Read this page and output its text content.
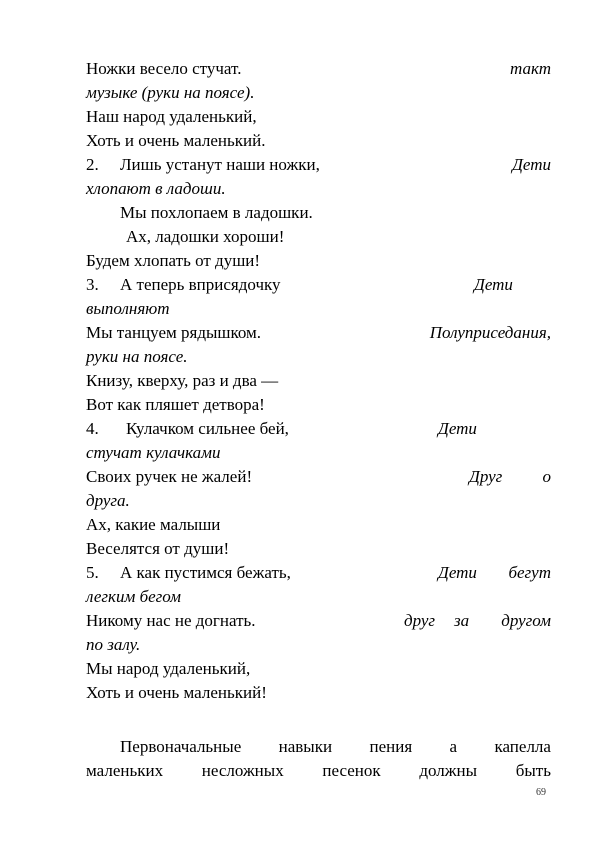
Ножки весело стучат.	такт
музыке (руки на поясе).
Наш народ удаленький,
Хоть и очень маленький.
2. Лишь устанут наши ножки,	Дети
хлопают в ладоши.
Мы похлопаем в ладошки.
Ах, ладошки хороши!
Будем хлопать от души!
3. А теперь вприсядочку	Дети
выполняют
Мы танцуем рядышком.	Полуприседания,
руки на поясе.
Книзу, кверху, раз и два —
Вот как пляшет детвора!
4. Кулачком сильнее бей,	Дети
стучат кулачками
Своих ручек не жалей!	Друг о
друга.
Ах, какие малыши
Веселятся от души!
5. А как пустимся бежать,	Дети бегут
легким бегом
Никому нас не догнать.	друг за другом
по залу.
Мы народ удаленький,
Хоть и очень маленький!
Первоначальные навыки пения а капелла
маленьких несложных песенок должны быть
69
